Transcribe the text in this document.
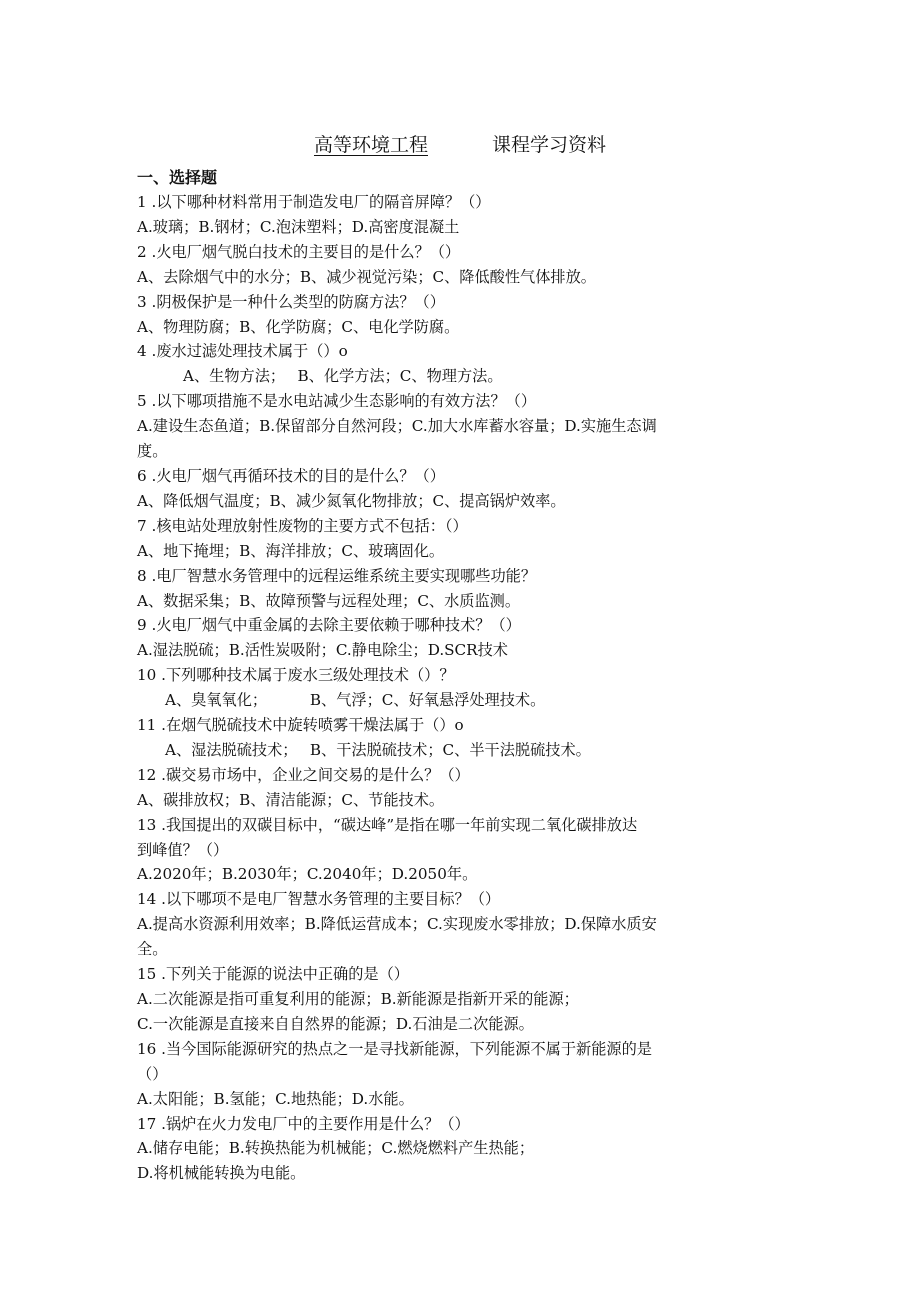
高等环境工程	课程学习资料
一、选择题
1 .以下哪种材料常用于制造发电厂的隔音屏障？（）
A.玻璃；B.钢材；C.泡沫塑料；D.高密度混凝土
2 .火电厂烟气脱白技术的主要目的是什么？（）
A、去除烟气中的水分；B、减少视觉污染；C、降低酸性气体排放。
3 .阴极保护是一种什么类型的防腐方法？（）
A、物理防腐；B、化学防腐；C、电化学防腐。
4 .废水过滤处理技术属于（）o
A、生物方法；　 B、化学方法；C、物理方法。
5 .以下哪项措施不是水电站减少生态影响的有效方法？（）
A.建设生态鱼道；B.保留部分自然河段；C.加大水库蓄水容量；D.实施生态调
度。
6 .火电厂烟气再循环技术的目的是什么？（）
A、降低烟气温度；B、减少氮氧化物排放；C、提高锅炉效率。
7 .核电站处理放射性废物的主要方式不包括：（）
A、地下掩埋；B、海洋排放；C、玻璃固化。
8 .电厂智慧水务管理中的远程运维系统主要实现哪些功能？
A、数据采集；B、故障预警与远程处理；C、水质监测。
9 .火电厂烟气中重金属的去除主要依赖于哪种技术？（）
A.湿法脱硫；B.活性炭吸附；C.静电除尘；D.SCR技术
10 .下列哪种技术属于废水三级处理技术（）？
A、臭氧氧化；　　　 B、气浮；C、好氧悬浮处理技术。
11 .在烟气脱硫技术中旋转喷雾干燥法属于（）o
A、湿法脱硫技术；　 B、干法脱硫技术；C、半干法脱硫技术。
12 .碳交易市场中，企业之间交易的是什么？（）
A、碳排放权；B、清洁能源；C、节能技术。
13 .我国提出的双碳目标中，“碳达峰”是指在哪一年前实现二氧化碳排放达
到峰值？（）
A.2020年；B.2030年；C.2040年；D.2050年。
14 .以下哪项不是电厂智慧水务管理的主要目标？（）
A.提高水资源利用效率；B.降低运营成本；C.实现废水零排放；D.保障水质安
全。
15 .下列关于能源的说法中正确的是（）
A.二次能源是指可重复利用的能源；B.新能源是指新开采的能源；
C.一次能源是直接来自自然界的能源；D.石油是二次能源。
16 .当今国际能源研究的热点之一是寻找新能源，下列能源不属于新能源的是
（）
A.太阳能；B.氢能；C.地热能；D.水能。
17 .锅炉在火力发电厂中的主要作用是什么？（）
A.储存电能；B.转换热能为机械能；C.燃烧燃料产生热能；
D.将机械能转换为电能。
